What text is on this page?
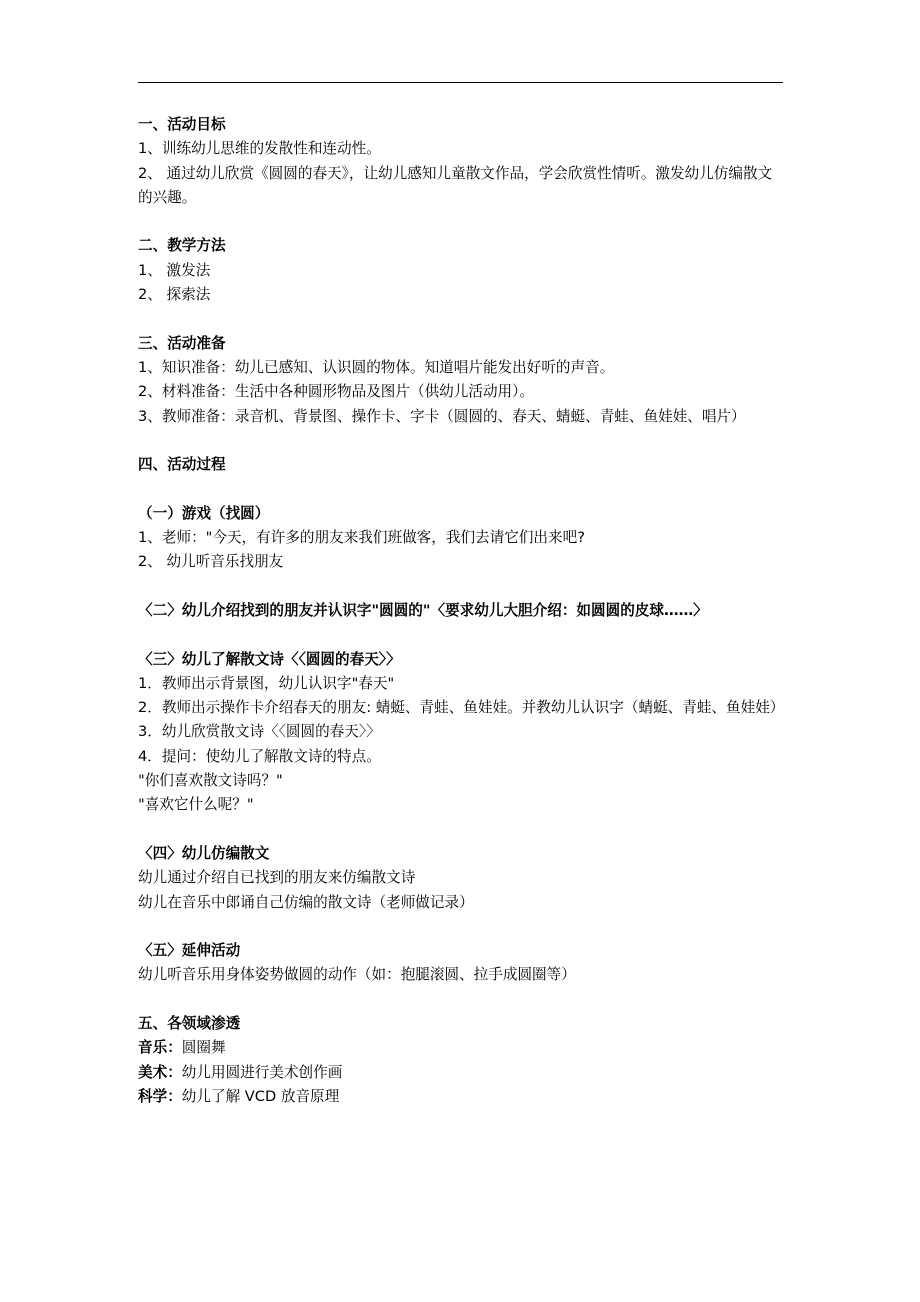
一、活动目标
1、训练幼儿思维的发散性和连动性。
2、 通过幼儿欣赏《圆圆的春天》，让幼儿感知儿童散文作品，学会欣赏性情听。激发幼儿仿编散文的兴趣。
二、教学方法
1、 激发法
2、 探索法
三、活动准备
1、知识准备：幼儿已感知、认识圆的物体。知道唱片能发出好听的声音。
2、材料准备：生活中各种圆形物品及图片（供幼儿活动用）。
3、教师准备：录音机、背景图、操作卡、字卡（圆圆的、春天、蜻蜓、青蛙、鱼娃娃、唱片）
四、活动过程
（一）游戏（找圆）
1、老师："今天，有许多的朋友来我们班做客，我们去请它们出来吧?
2、 幼儿听音乐找朋友
〈二〉幼儿介绍找到的朋友并认识字"圆圆的"〈要求幼儿大胆介绍：如圆圆的皮球……〉
〈三〉幼儿了解散文诗〈〈圆圆的春天〉〉
1．教师出示背景图，幼儿认识字"春天"
2．教师出示操作卡介绍春天的朋友: 蜻蜓、青蛙、鱼娃娃。并教幼儿认识字（蜻蜓、青蛙、鱼娃娃）
3．幼儿欣赏散文诗〈〈圆圆的春天〉〉
4．提问：使幼儿了解散文诗的特点。
"你们喜欢散文诗吗？"
"喜欢它什么呢？"
〈四〉幼儿仿编散文
幼儿通过介绍自已找到的朋友来仿编散文诗
幼儿在音乐中郎诵自己仿编的散文诗（老师做记录）
〈五〉延伸活动
幼儿听音乐用身体姿势做圆的动作（如：抱腿滚圆、拉手成圆圈等）
五、各领域渗透
音乐：圆圈舞
美术：幼儿用圆进行美术创作画
科学：幼儿了解 VCD 放音原理
